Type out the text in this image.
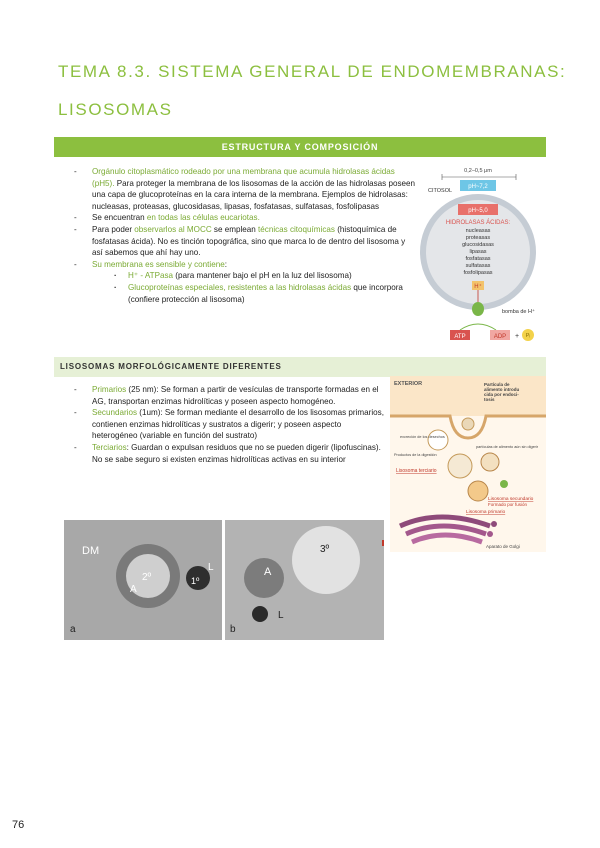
TEMA 8.3. SISTEMA GENERAL DE ENDOMEMBRANAS:
LISOSOMAS
ESTRUCTURA Y COMPOSICIÓN

- Orgánulo citoplasmático rodeado por una membrana que acumula hidrolasas ácidas (pH5). Para proteger la membrana de los lisosomas de la acción de las hidrolasas poseen una capa de glucoproteínas en la cara interna de la membrana. Ejemplos de hidrolasas: nucleasas, proteasas, glucosidasas, lipasas, fosfatasas, sulfatasas, fosfolipasas

- Se encuentran en todas las células eucariotas.

- Para poder observarlos al MOCC se emplean técnicas citoquímicas (histoquímica de fosfatasas ácida). No es tinción topográfica, sino que marca lo de dentro del lisosoma y así sabemos que ahí hay uno.

- Su membrana es sensible y contiene:

· H⁺ - ATPasa (para mantener bajo el pH en la luz del lisosoma)

· Glucoproteínas especiales, resistentes a las hidrolasas ácidas que incorpora (confiere protección al lisosoma)

0,2–0,5 μm
CITOSOL
pH~7,2
pH~5,0
HIDROLASAS ÁCIDAS:
nucleasas
proteasas
glucosidasas
lipasas
fosfatasas
sulfatasas
fosfolipasas
H⁺
bomba de H⁺
ATP	ADP + Pᵢ
LISOSOMAS MORFOLÓGICAMENTE DIFERENTES

- Primarios (25 nm): Se forman a partir de vesículas de transporte formadas en el AG, transportan enzimas hidrolíticas y poseen aspecto homogéneo.

- Secundarios (1um): Se forman mediante el desarrollo de los lisosomas primarios, contienen enzimas hidrolíticas y sustratos a digerir; y poseen aspecto heterogéneo (variable en función del sustrato)

- Terciarios: Guardan o expulsan residuos que no se pueden digerir (lipofuscinas). No se sabe seguro si existen enzimas hidrolíticas activas en su interior

EXTERIOR	Partícula de alimento introdu cida por endoci-tosis
excreción de los desechos
Productos de la digestión
partículas de alimento aún sin digerir
Lisosoma terciario
Lisosoma secundario
Formado por fusión
Lisosoma primario
Aparato de Golgi
DM
2º
A
1º
L
a
3º
A
L
b
76
